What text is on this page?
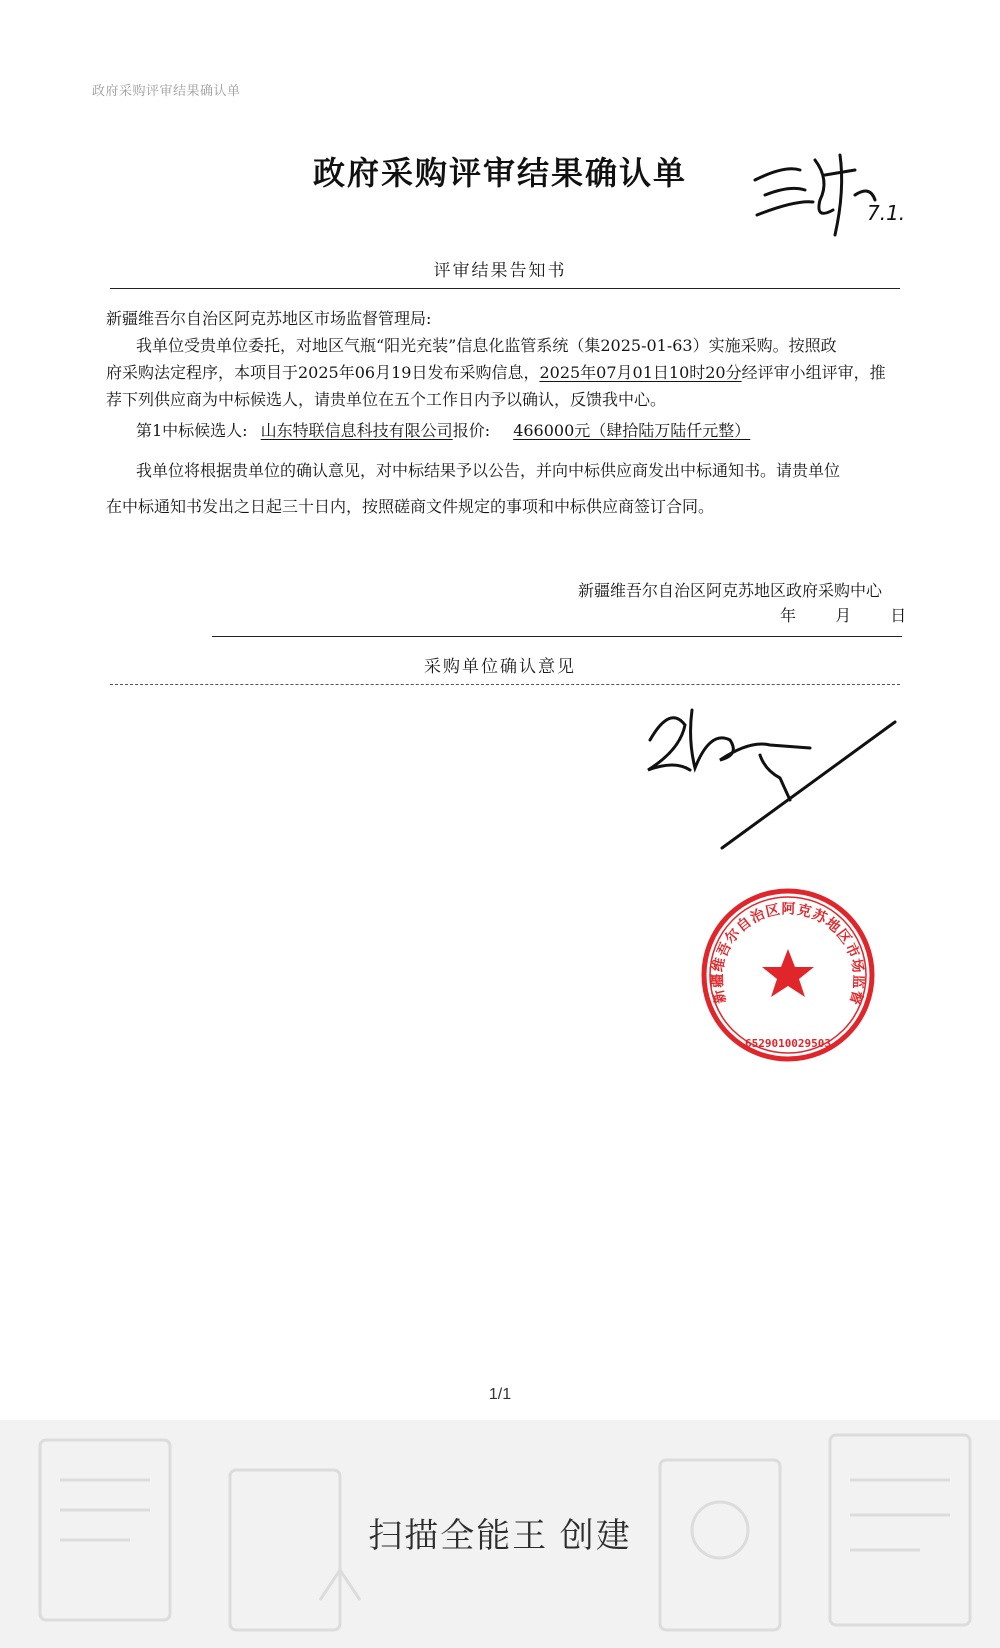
政府采购评审结果确认单
政府采购评审结果确认单
7.1.
评审结果告知书
新疆维吾尔自治区阿克苏地区市场监督管理局:
我单位受贵单位委托，对地区气瓶“阳光充装”信息化监管系统（集2025-01-63）实施采购。按照政
府采购法定程序，本项目于2025年06月19日发布采购信息，2025年07月01日10时20分经评审小组评审，推
荐下列供应商为中标候选人，请贵单位在五个工作日内予以确认，反馈我中心。
第1中标候选人: 山东特联信息科技有限公司报价: 466000元（肆拾陆万陆仟元整）
我单位将根据贵单位的确认意见，对中标结果予以公告，并向中标供应商发出中标通知书。请贵单位
在中标通知书发出之日起三十日内，按照磋商文件规定的事项和中标供应商签订合同。
新疆维吾尔自治区阿克苏地区政府采购中心
年 月 日
采购单位确认意见
新疆维吾尔自治区阿克苏地区市场监督管理局
6529010029503
1/1
扫描全能王 创建
